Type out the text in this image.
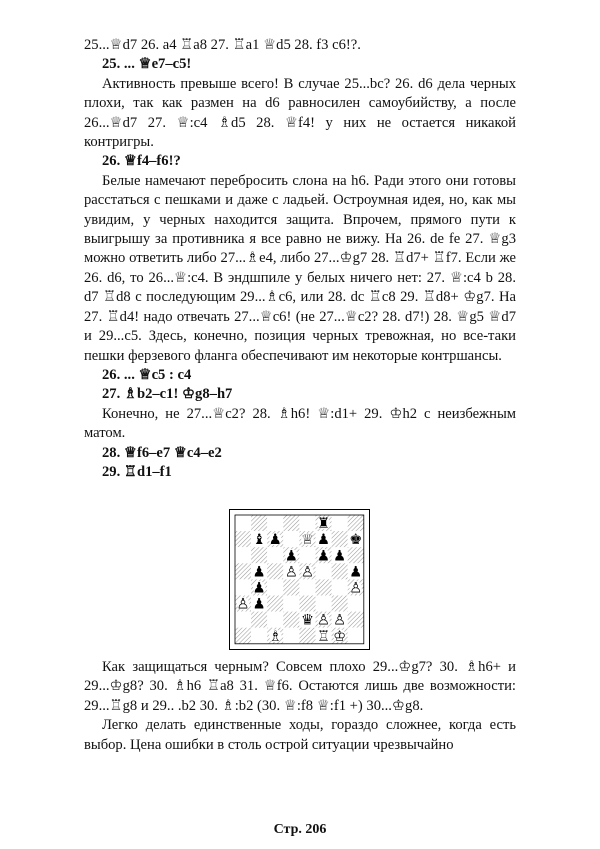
25...♕d7 26. a4 ♖a8 27. ♖a1 ♕d5 28. f3 c6!?.

25. ... ♕e7–c5!

Активность превыше всего! В случае 25...bc? 26. d6 дела черных плохи, так как размен на d6 равносилен самоубийству, а после 26...♕d7 27. ♕:c4 ♗d5 28. ♕f4! у них не остается никакой контригры.

26. ♕f4–f6!?

Белые намечают перебросить слона на h6. Ради этого они готовы расстаться с пешками и даже с ладьей. Остроумная идея, но, как мы увидим, у черных находится защита. Впрочем, прямого пути к выигрышу за противника я все равно не вижу. На 26. de fe 27. ♕g3 можно ответить либо 27...♗e4, либо 27...♔g7 28. ♖d7+ ♖f7. Если же 26. d6, то 26...♕:c4. В эндшпиле у белых ничего нет: 27. ♕:c4 b 28. d7 ♖d8 с последующим 29...♗c6, или 28. dc ♖c8 29. ♖d8+ ♔g7. На 27. ♖d4! надо отвечать 27...♕c6! (не 27...♕c2? 28. d7!) 28. ♕g5 ♕d7 и 29...c5. Здесь, конечно, позиция черных тревожная, но все-таки пешки ферзевого фланга обеспечивают им некоторые контршансы.

26. ... ♕c5 : c4

27. ♗b2–c1! ♔g8–h7

Конечно, не 27...♕c2? 28. ♗h6! ♕:d1+ 29. ♔h2 с неизбежным матом.

28. ♕f6–e7 ♕c4–e2

29. ♖d1–f1

♜
♝ ♟ ♕ ♟ ♚
♟ ♟ ♟
♟ ♙ ♙ ♟
♟	♙
♙ ♟
♛ ♙ ♙
♗ ♖ ♔

Как защищаться черным? Совсем плохо 29...♔g7? 30. ♗h6+ и 29...♔g8? 30. ♗h6 ♖a8 31. ♕f6. Остаются лишь две возможности: 29...♖g8 и 29.. .b2 30. ♗:b2 (30. ♕:f8 ♕:f1 +) 30...♔g8.

Легко делать единственные ходы, гораздо сложнее, когда есть выбор. Цена ошибки в столь острой ситуации чрезвычайно

Стр. 206
